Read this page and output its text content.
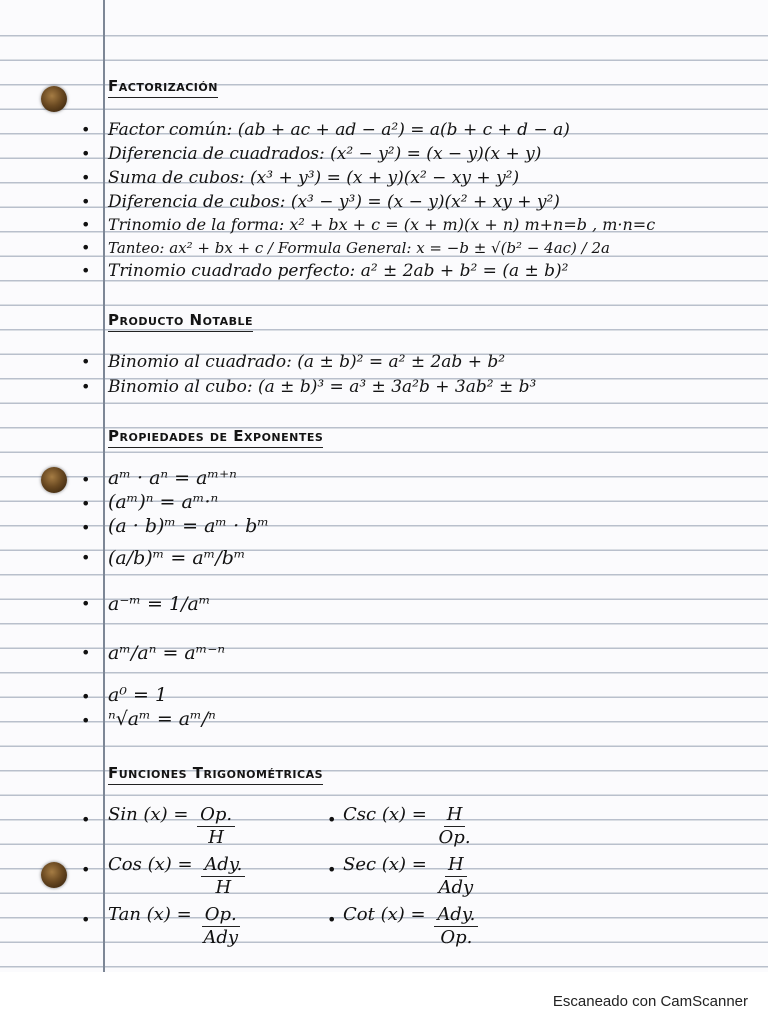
Factorización
• Factor común: (ab + ac + ad − a²) = a(b + c + d − a)
• Diferencia de cuadrados: (x² − y²) = (x − y)(x + y)
• Suma de cubos: (x³ + y³) = (x + y)(x² − xy + y²)
• Diferencia de cubos: (x³ − y³) = (x − y)(x² + xy + y²)
• Trinomio de la forma: x² + bx + c = (x + m)(x + n) m+n=b , m·n=c
• Tanteo: ax² + bx + c / Formula General: x = −b ± √(b² − 4ac) / 2a
• Trinomio cuadrado perfecto: a² ± 2ab + b² = (a ± b)²
Producto Notable
• Binomio al cuadrado: (a ± b)² = a² ± 2ab + b²
• Binomio al cubo: (a ± b)³ = a³ ± 3a²b + 3ab² ± b³
Propiedades de Exponentes
• aᵐ · aⁿ = aᵐ⁺ⁿ
• (aᵐ)ⁿ = aᵐ·ⁿ
• (a · b)ᵐ = aᵐ · bᵐ
• (a/b)ᵐ = aᵐ/bᵐ
• a⁻ᵐ = 1/aᵐ
• aᵐ/aⁿ = aᵐ⁻ⁿ
• a⁰ = 1
• ⁿ√aᵐ = aᵐ/ⁿ
Funciones Trigonométricas
• Sin $(x) = \frac{Op.}{H}$	• Csc $(x) = \frac{H}{Op.}$
• Cos $(x) = \frac{\text{Ady.}}{H}$	• Sec $(x) = \frac{H}{\text{Ady}}$
• Tan $(x) = \frac{Op.}{\text{Ady}}$	• Cot $(x) = \frac{\text{Ady.}}{Op.}$
Escaneado con CamScanner
